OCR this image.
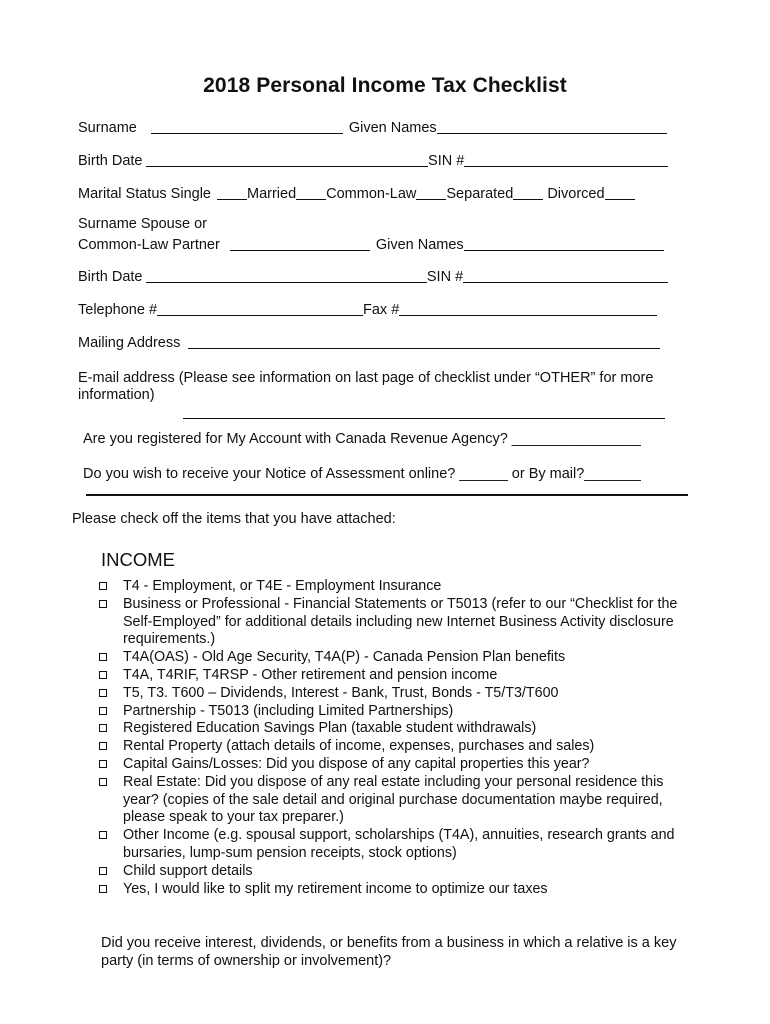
2018 Personal Income Tax Checklist
Surname	Given Names
Birth Date	SIN #
Marital Status Single Married Common-Law Separated Divorced
Surname Spouse or
Common-Law Partner	Given Names
Birth Date	SIN #
Telephone #	Fax #
Mailing Address
E-mail address (Please see information on last page of checklist under “OTHER” for more
information)
Are you registered for My Account with Canada Revenue Agency? ________________
Do you wish to receive your Notice of Assessment online? ______ or By mail?_______
Please check off the items that you have attached:
INCOME
T4 - Employment, or T4E - Employment Insurance
Business or Professional - Financial Statements or T5013 (refer to our “Checklist for the Self-Employed” for additional details including new Internet Business Activity disclosure requirements.)
T4A(OAS) - Old Age Security, T4A(P) - Canada Pension Plan benefits
T4A, T4RIF, T4RSP - Other retirement and pension income
T5, T3. T600 – Dividends, Interest - Bank, Trust, Bonds - T5/T3/T600
Partnership - T5013 (including Limited Partnerships)
Registered Education Savings Plan (taxable student withdrawals)
Rental Property (attach details of income, expenses, purchases and sales)
Capital Gains/Losses: Did you dispose of any capital properties this year?
Real Estate: Did you dispose of any real estate including your personal residence this year? (copies of the sale detail and original purchase documentation maybe required, please speak to your tax preparer.)
Other Income (e.g. spousal support, scholarships (T4A), annuities, research grants and bursaries, lump-sum pension receipts, stock options)
Child support details
Yes, I would like to split my retirement income to optimize our taxes
Did you receive interest, dividends, or benefits from a business in which a relative is a key party (in terms of ownership or involvement)?
